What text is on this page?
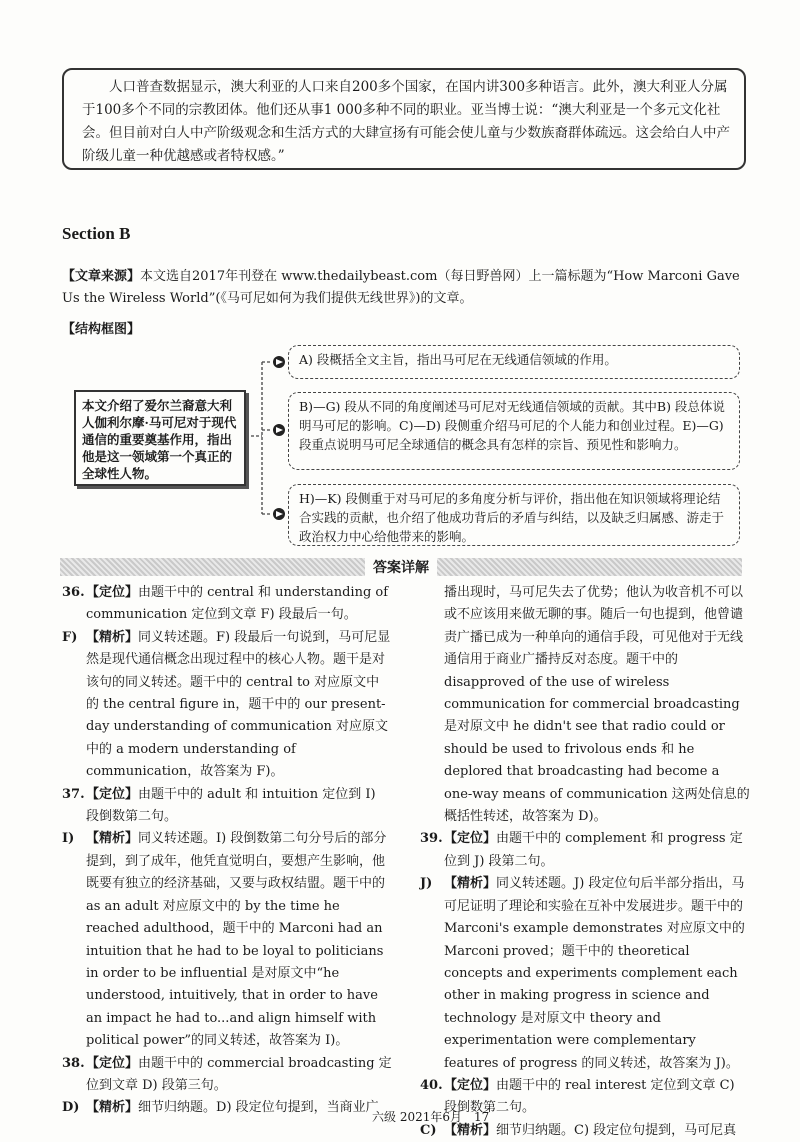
人口普查数据显示，澳大利亚的人口来自200多个国家，在国内讲300多种语言。此外，澳大利亚人分属于100多个不同的宗教团体。他们还从事1 000多种不同的职业。亚当博士说：“澳大利亚是一个多元文化社会。但目前对白人中产阶级观念和生活方式的大肆宣扬有可能会使儿童与少数族裔群体疏远。这会给白人中产阶级儿童一种优越感或者特权感。”

Section B
【文章来源】本文选自2017年刊登在 www.thedailybeast.com（每日野兽网）上一篇标题为“How Marconi Gave Us the Wireless World”(《马可尼如何为我们提供无线世界》)的文章。
【结构框图】
本文介绍了爱尔兰裔意大利人伽利尔摩·马可尼对于现代通信的重要奠基作用，指出他是这一领域第一个真正的全球性人物。
A) 段概括全文主旨，指出马可尼在无线通信领域的作用。
B)—G) 段从不同的角度阐述马可尼对无线通信领域的贡献。其中B) 段总体说明马可尼的影响。C)—D) 段侧重介绍马可尼的个人能力和创业过程。E)—G) 段重点说明马可尼全球通信的概念具有怎样的宗旨、预见性和影响力。
H)—K) 段侧重于对马可尼的多角度分析与评价，指出他在知识领域将理论结合实践的贡献，也介绍了他成功背后的矛盾与纠结，以及缺乏归属感、游走于政治权力中心给他带来的影响。
答案详解

36. 【定位】由题干中的 central 和 understanding of communication 定位到文章 F) 段最后一句。

F) 【精析】同义转述题。F) 段最后一句说到，马可尼显然是现代通信概念出现过程中的核心人物。题干是对该句的同义转述。题干中的 central to 对应原文中的 the central figure in，题干中的 our present-day understanding of communication 对应原文中的 a modern understanding of communication，故答案为 F)。

37. 【定位】由题干中的 adult 和 intuition 定位到 I) 段倒数第二句。

I) 【精析】同义转述题。I) 段倒数第二句分号后的部分提到，到了成年，他凭直觉明白，要想产生影响，他既要有独立的经济基础，又要与政权结盟。题干中的 as an adult 对应原文中的 by the time he reached adulthood，题干中的 Marconi had an intuition that he had to be loyal to politicians in order to be influential 是对原文中“he understood, intuitively, that in order to have an impact he had to...and align himself with political power”的同义转述，故答案为 I)。

38. 【定位】由题干中的 commercial broadcasting 定位到文章 D) 段第三句。

D) 【精析】细节归纳题。D) 段定位句提到，当商业广

播出现时，马可尼失去了优势；他认为收音机不可以或不应该用来做无聊的事。随后一句也提到，他曾谴责广播已成为一种单向的通信手段，可见他对于无线通信用于商业广播持反对态度。题干中的 disapproved of the use of wireless communication for commercial broadcasting 是对原文中 he didn't see that radio could or should be used to frivolous ends 和 he deplored that broadcasting had become a one-way means of communication 这两处信息的概括性转述，故答案为 D)。

39. 【定位】由题干中的 complement 和 progress 定位到 J) 段第二句。

J) 【精析】同义转述题。J) 段定位句后半部分指出，马可尼证明了理论和实验在互补中发展进步。题干中的 Marconi's example demonstrates 对应原文中的 Marconi proved；题干中的 theoretical concepts and experiments complement each other in making progress in science and technology 是对原文中 theory and experimentation were complementary features of progress 的同义转述，故答案为 J)。

40. 【定位】由题干中的 real interest 定位到文章 C) 段倒数第二句。

C) 【精析】细节归纳题。C) 段定位句提到，马可尼真

六级 2021年6月　17
